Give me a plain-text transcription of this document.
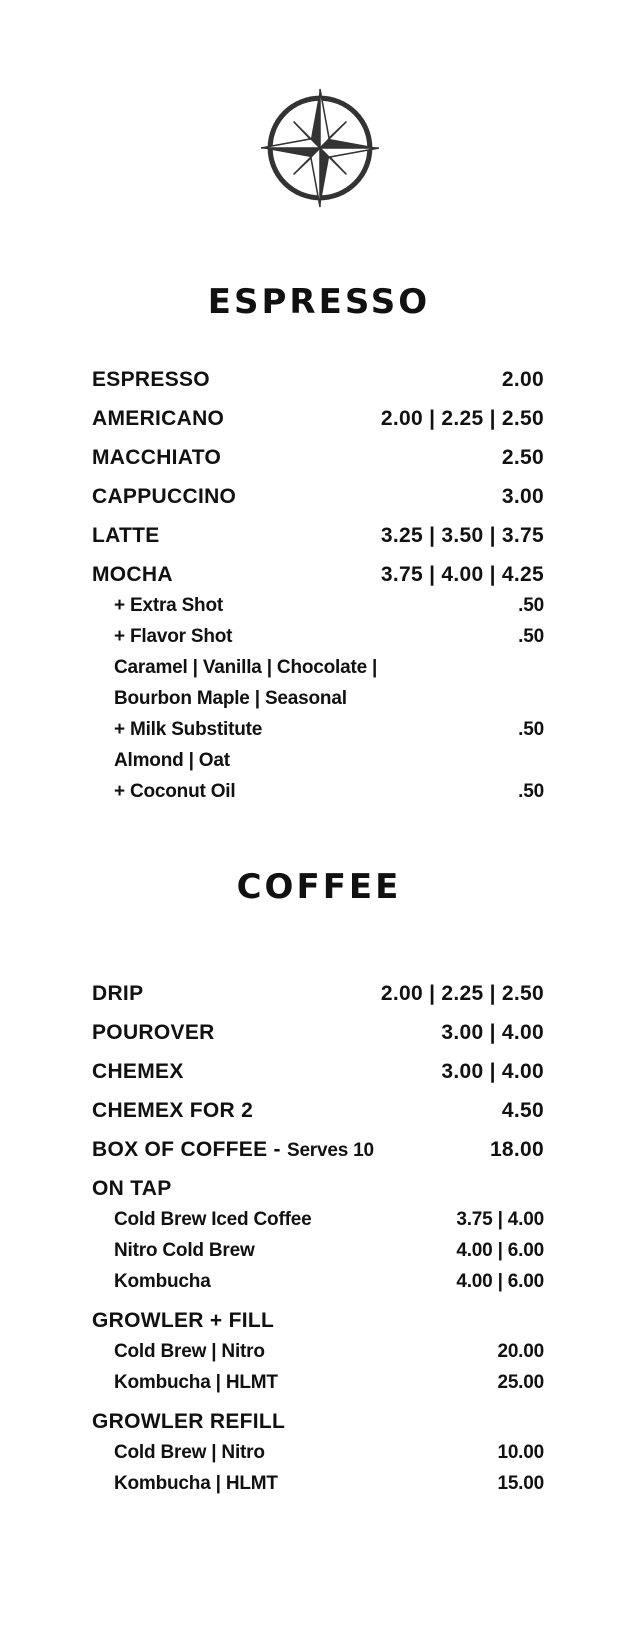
ESPRESSO
ESPRESSO	2.00
AMERICANO	2.00 | 2.25 | 2.50
MACCHIATO	2.50
CAPPUCCINO	3.00
LATTE	3.25 | 3.50 | 3.75
MOCHA	3.75 | 4.00 | 4.25
+ Extra Shot	.50
+ Flavor Shot	.50
Caramel | Vanilla | Chocolate |
Bourbon Maple | Seasonal
+ Milk Substitute	.50
Almond | Oat
+ Coconut Oil	.50
COFFEE
DRIP	2.00 | 2.25 | 2.50
POUROVER	3.00 | 4.00
CHEMEX	3.00 | 4.00
CHEMEX FOR 2	4.50
BOX OF COFFEE - Serves 10	18.00
ON TAP
Cold Brew Iced Coffee	3.75 | 4.00
Nitro Cold Brew	4.00 | 6.00
Kombucha	4.00 | 6.00
GROWLER + FILL
Cold Brew | Nitro	20.00
Kombucha | HLMT	25.00
GROWLER REFILL
Cold Brew | Nitro	10.00
Kombucha | HLMT	15.00
